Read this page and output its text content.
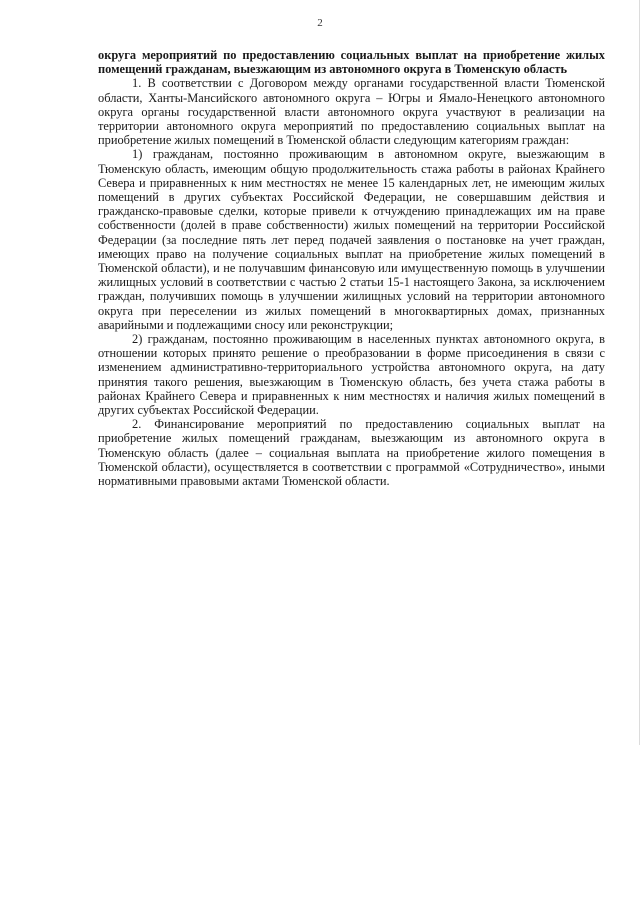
2

округа мероприятий по предоставлению социальных выплат на приобретение жилых помещений гражданам, выезжающим из автономного округа в Тюменскую область

1. В соответствии с Договором между органами государственной власти Тюменской области, Ханты-Мансийского автономного округа – Югры и Ямало-Ненецкого автономного округа органы государственной власти автономного округа участвуют в реализации на территории автономного округа мероприятий по предоставлению социальных выплат на приобретение жилых помещений в Тюменской области следующим категориям граждан:

1) гражданам, постоянно проживающим в автономном округе, выезжающим в Тюменскую область, имеющим общую продолжительность стажа работы в районах Крайнего Севера и приравненных к ним местностях не менее 15 календарных лет, не имеющим жилых помещений в других субъектах Российской Федерации, не совершавшим действия и гражданско-правовые сделки, которые привели к отчуждению принадлежащих им на праве собственности (долей в праве собственности) жилых помещений на территории Российской Федерации (за последние пять лет перед подачей заявления о постановке на учет граждан, имеющих право на получение социальных выплат на приобретение жилых помещений в Тюменской области), и не получавшим финансовую или имущественную помощь в улучшении жилищных условий в соответствии с частью 2 статьи 15-1 настоящего Закона, за исключением граждан, получивших помощь в улучшении жилищных условий на территории автономного округа при переселении из жилых помещений в многоквартирных домах, признанных аварийными и подлежащими сносу или реконструкции;

2) гражданам, постоянно проживающим в населенных пунктах автономного округа, в отношении которых принято решение о преобразовании в форме присоединения в связи с изменением административно-территориального устройства автономного округа, на дату принятия такого решения, выезжающим в Тюменскую область, без учета стажа работы в районах Крайнего Севера и приравненных к ним местностях и наличия жилых помещений в других субъектах Российской Федерации.

2. Финансирование мероприятий по предоставлению социальных выплат на приобретение жилых помещений гражданам, выезжающим из автономного округа в Тюменскую область (далее – социальная выплата на приобретение жилого помещения в Тюменской области), осуществляется в соответствии с программой «Сотрудничество», иными нормативными правовыми актами Тюменской области.
